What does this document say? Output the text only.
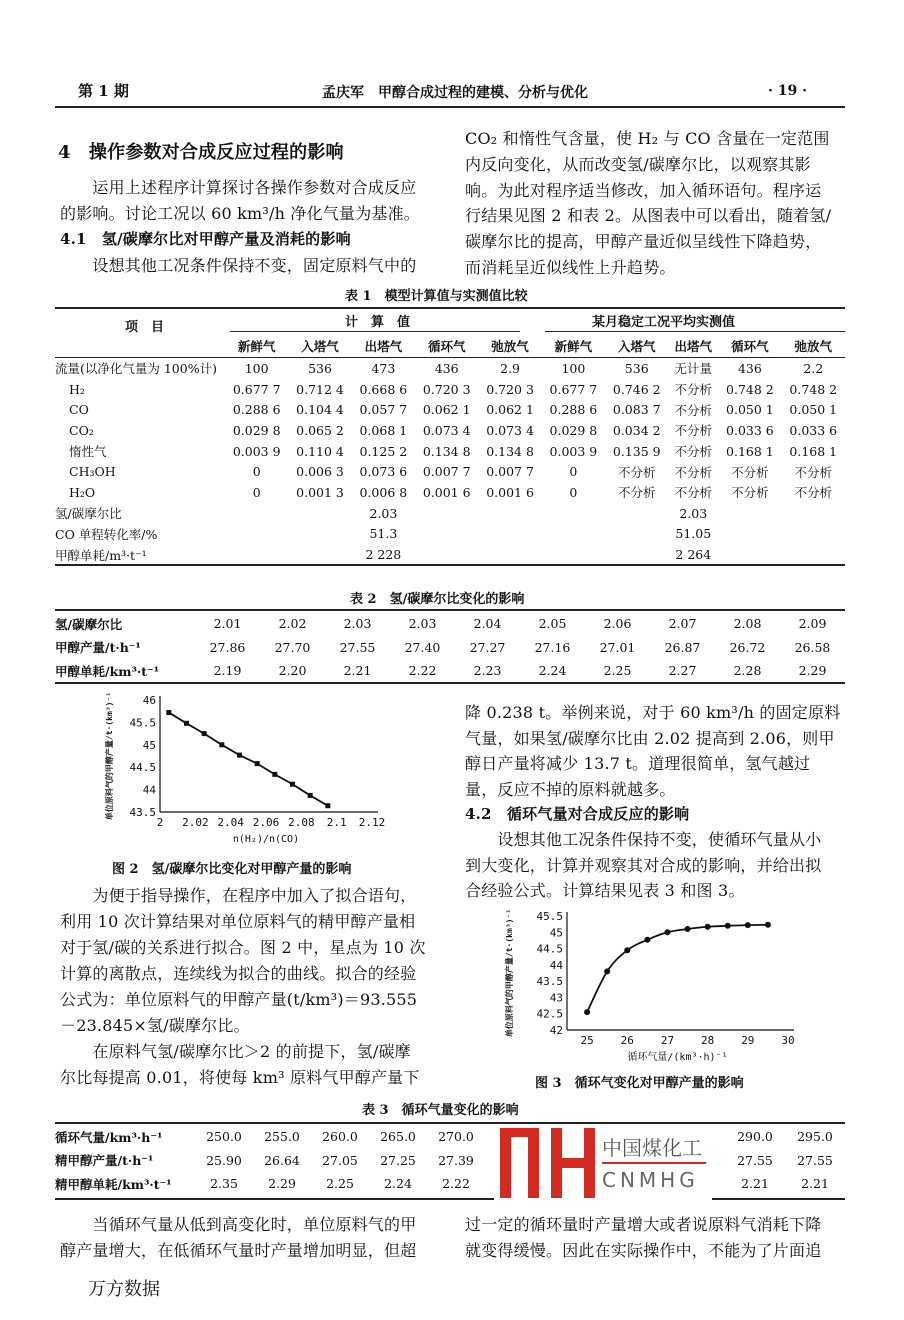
第 1 期	孟庆军　甲醇合成过程的建模、分析与优化	· 19 ·
4　操作参数对合成反应过程的影响
　　运用上述程序计算探讨各操作参数对合成反应
的影响。讨论工况以 60 km³/h 净化气量为基准。
4.1　氢/碳摩尔比对甲醇产量及消耗的影响
　　设想其他工况条件保持不变，固定原料气中的
CO₂ 和惰性气含量，使 H₂ 与 CO 含量在一定范围
内反向变化，从而改变氢/碳摩尔比，以观察其影
响。为此对程序适当修改，加入循环语句。程序运
行结果见图 2 和表 2。从图表中可以看出，随着氢/
碳摩尔比的提高，甲醇产量近似呈线性下降趋势，
而消耗呈近似线性上升趋势。
表 1　模型计算值与实测值比较
项　目	计　算　值	某月稳定工况平均实测值
	新鲜气	入塔气	出塔气	循环气	弛放气	新鲜气	入塔气	出塔气	循环气	弛放气
流量(以净化气量为 100%计)	100	536	473	436	2.9	100	536	无计量	436	2.2
H₂	0.677 7	0.712 4	0.668 6	0.720 3	0.720 3	0.677 7	0.746 2	不分析	0.748 2	0.748 2
CO	0.288 6	0.104 4	0.057 7	0.062 1	0.062 1	0.288 6	0.083 7	不分析	0.050 1	0.050 1
CO₂	0.029 8	0.065 2	0.068 1	0.073 4	0.073 4	0.029 8	0.034 2	不分析	0.033 6	0.033 6
惰性气	0.003 9	0.110 4	0.125 2	0.134 8	0.134 8	0.003 9	0.135 9	不分析	0.168 1	0.168 1
CH₃OH	0	0.006 3	0.073 6	0.007 7	0.007 7	0	不分析	不分析	不分析	不分析
H₂O	0	0.001 3	0.006 8	0.001 6	0.001 6	0	不分析	不分析	不分析	不分析
氢/碳摩尔比			2.03					2.03		
CO 单程转化率/%			51.3					51.05		
甲醇单耗/m³·t⁻¹			2 228					2 264		
表 2　氢/碳摩尔比变化的影响
氢/碳摩尔比	2.01	2.02	2.03	2.03	2.04	2.05	2.06	2.07	2.08	2.09
甲醇产量/t·h⁻¹	27.86	27.70	27.55	27.40	27.27	27.16	27.01	26.87	26.72	26.58
甲醇单耗/km³·t⁻¹	2.19	2.20	2.21	2.22	2.23	2.24	2.25	2.27	2.28	2.29
43.5
44
44.5
45
45.5
46
2 2.02 2.04 2.06 2.08 2.1 2.12
n(H₂)/n(CO)
单位原料气的甲醇产量/t·(km³)⁻¹
图 2　氢/碳摩尔比变化对甲醇产量的影响
降 0.238 t。举例来说，对于 60 km³/h 的固定原料
气量，如果氢/碳摩尔比由 2.02 提高到 2.06，则甲
醇日产量将减少 13.7 t。道理很简单，氢气越过
量，反应不掉的原料就越多。
4.2　循环气量对合成反应的影响
　　设想其他工况条件保持不变，使循环气量从小
到大变化，计算并观察其对合成的影响，并给出拟
合经验公式。计算结果见表 3 和图 3。
　　为便于指导操作，在程序中加入了拟合语句，
利用 10 次计算结果对单位原料气的精甲醇产量相
对于氢/碳的关系进行拟合。图 2 中，星点为 10 次
计算的离散点，连续线为拟合的曲线。拟合的经验
公式为：单位原料气的甲醇产量(t/km³)＝93.555
－23.845×氢/碳摩尔比。
　　在原料气氢/碳摩尔比＞2 的前提下，氢/碳摩
尔比每提高 0.01，将使每 km³ 原料气甲醇产量下
42
42.5
43
43.5
44
44.5
45
45.5
25 26 27 28 29 30
循环气量/(km³·h)⁻¹
单位原料气的甲醇产量/t·(km³)⁻¹
图 3　循环气变化对甲醇产量的影响
表 3　循环气量变化的影响
循环气量/km³·h⁻¹	250.0	255.0	260.0	265.0	270.0				290.0	295.0
精甲醇产量/t·h⁻¹	25.90	26.64	27.05	27.25	27.39				27.55	27.55
精甲醇单耗/km³·t⁻¹	2.35	2.29	2.25	2.24	2.22				2.21	2.21
中国煤化工
CNMHG
　　当循环气量从低到高变化时，单位原料气的甲
醇产量增大，在低循环气量时产量增加明显，但超
过一定的循环量时产量增大或者说原料气消耗下降
就变得缓慢。因此在实际操作中，不能为了片面追
万方数据
